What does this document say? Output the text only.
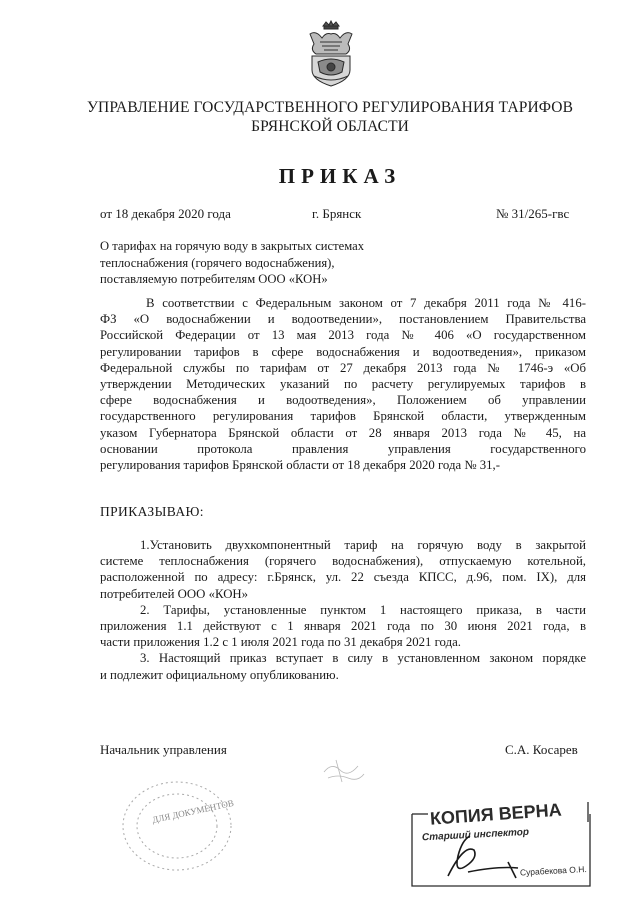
УПРАВЛЕНИЕ ГОСУДАРСТВЕННОГО РЕГУЛИРОВАНИЯ ТАРИФОВ
БРЯНСКОЙ ОБЛАСТИ
ПРИКАЗ
от 18 декабря 2020 года	г. Брянск	№ 31/265-гвс
О тарифах на горячую воду в закрытых системах
теплоснабжения (горячего водоснабжения),
поставляемую потребителям ООО «КОН»
В соответствии с Федеральным законом от 7 декабря 2011 года № 416-
ФЗ «О водоснабжении и водоотведении», постановлением Правительства
Российской Федерации от 13 мая 2013 года № 406 «О государственном
регулировании тарифов в сфере водоснабжения и водоотведения», приказом
Федеральной службы по тарифам от 27 декабря 2013 года № 1746-э «Об
утверждении Методических указаний по расчету регулируемых тарифов в
сфере водоснабжения и водоотведения», Положением об управлении
государственного регулирования тарифов Брянской области, утвержденным
указом Губернатора Брянской области от 28 января 2013 года № 45, на
основании протокола правления управления государственного
регулирования тарифов Брянской области от 18 декабря 2020 года № 31,-
ПРИКАЗЫВАЮ:
1.Установить двухкомпонентный тариф на горячую воду в закрытой
системе теплоснабжения (горячего водоснабжения), отпускаемую котельной,
расположенной по адресу: г.Брянск, ул. 22 съезда КПСС, д.96, пом. IX), для
потребителей ООО «КОН»
2. Тарифы, установленные пунктом 1 настоящего приказа, в части
приложения 1.1 действуют с 1 января 2021 года по 30 июня 2021 года, в
части приложения 1.2 с 1 июля 2021 года по 31 декабря 2021 года.
3. Настоящий приказ вступает в силу в установленном законом порядке
и подлежит официальному опубликованию.
Начальник управления	С.А. Косарев
ДЛЯ ДОКУМЕНТОВ	КОПИЯ ВЕРНА
Старший инспектор
Сурабекова О.Н.
